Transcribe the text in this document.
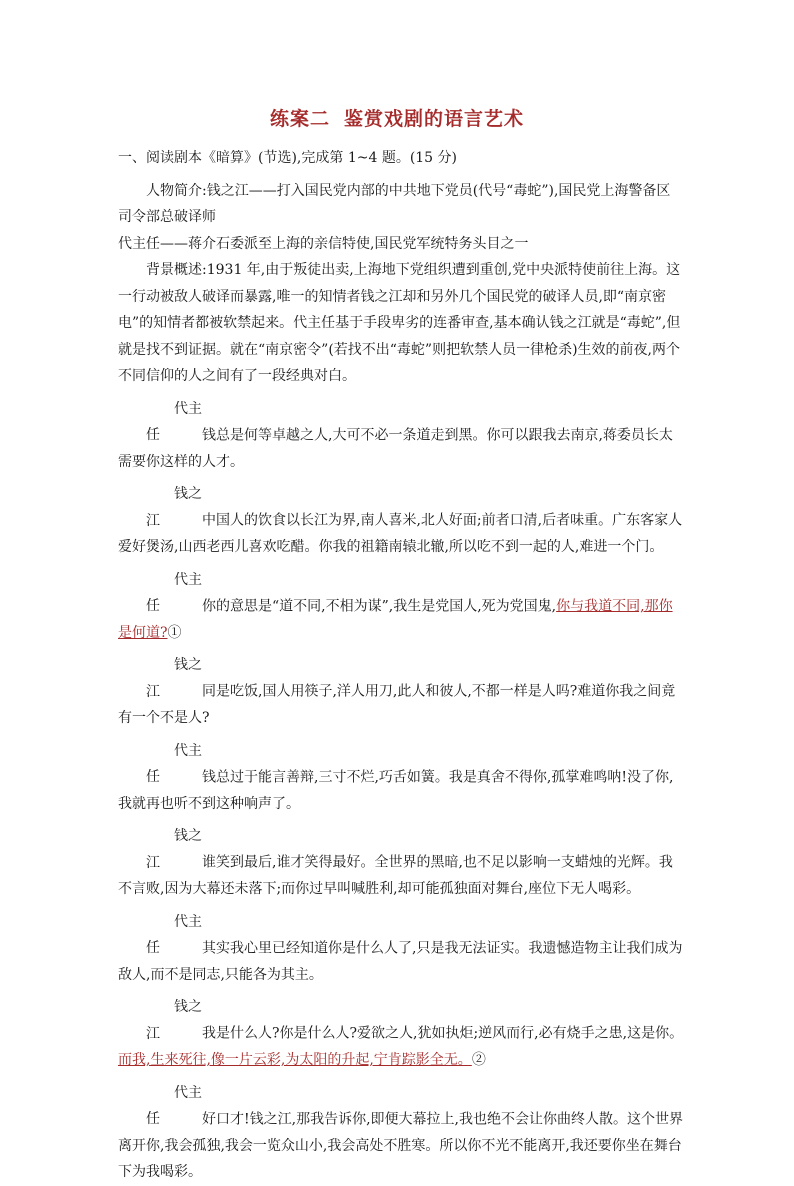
练案二 鉴赏戏剧的语言艺术

一、阅读剧本《暗算》(节选),完成第 1~4 题。(15 分)

人物简介:钱之江——打入国民党内部的中共地下党员(代号“毒蛇”),国民党上海警备区司令部总破译师

代主任——蒋介石委派至上海的亲信特使,国民党军统特务头目之一

背景概述:1931 年,由于叛徒出卖,上海地下党组织遭到重创,党中央派特使前往上海。这一行动被敌人破译而暴露,唯一的知情者钱之江却和另外几个国民党的破译人员,即“南京密电”的知情者都被软禁起来。代主任基于手段卑劣的连番审查,基本确认钱之江就是“毒蛇”,但就是找不到证据。就在“南京密令”(若找不出“毒蛇”则把软禁人员一律枪杀)生效的前夜,两个不同信仰的人之间有了一段经典对白。

代主任	钱总是何等卓越之人,大可不必一条道走到黑。你可以跟我去南京,蒋委员长太需要你这样的人才。

钱之江	中国人的饮食以长江为界,南人喜米,北人好面;前者口清,后者味重。广东客家人爱好煲汤,山西老西儿喜欢吃醋。你我的祖籍南辕北辙,所以吃不到一起的人,难进一个门。

代主任	你的意思是“道不同,不相为谋”,我生是党国人,死为党国鬼,你与我道不同,那你是何道?①

钱之江	同是吃饭,国人用筷子,洋人用刀,此人和彼人,不都一样是人吗?难道你我之间竟有一个不是人?

代主任	钱总过于能言善辩,三寸不烂,巧舌如簧。我是真舍不得你,孤掌难鸣呐!没了你,我就再也听不到这种响声了。

钱之江	谁笑到最后,谁才笑得最好。全世界的黑暗,也不足以影响一支蜡烛的光辉。我不言败,因为大幕还未落下;而你过早叫喊胜利,却可能孤独面对舞台,座位下无人喝彩。

代主任	其实我心里已经知道你是什么人了,只是我无法证实。我遗憾造物主让我们成为敌人,而不是同志,只能各为其主。

钱之江	我是什么人?你是什么人?爱欲之人,犹如执炬;逆风而行,必有烧手之患,这是你。而我,生来死往,像一片云彩,为太阳的升起,宁肯踪影全无。②

代主任	好口才!钱之江,那我告诉你,即便大幕拉上,我也绝不会让你曲终人散。这个世界离开你,我会孤独,我会一览众山小,我会高处不胜寒。所以你不光不能离开,我还要你坐在舞台下为我喝彩。
